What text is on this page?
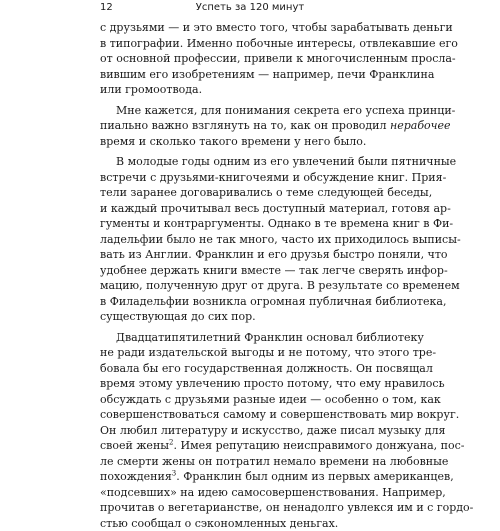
12	Успеть за 120 минут

с друзьями — и это вместо того, чтобы зарабатывать деньги
в типографии. Именно побочные интересы, отвлекавшие его
от основной профессии, привели к многочисленным просла-
вившим его изобретениям — например, печи Франклина
или громоотвода.

Мне кажется, для понимания секрета его успеха принци-
пиально важно взглянуть на то, как он проводил нерабочее
время и сколько такого времени у него было.

В молодые годы одним из его увлечений были пятничные
встречи с друзьями-книгочеями и обсуждение книг. Прия-
тели заранее договаривались о теме следующей беседы,
и каждый прочитывал весь доступный материал, готовя ар-
гументы и контраргументы. Однако в те времена книг в Фи-
ладельфии было не так много, часто их приходилось выписы-
вать из Англии. Франклин и его друзья быстро поняли, что
удобнее держать книги вместе — так легче сверять инфор-
мацию, полученную друг от друга. В результате со временем
в Филадельфии возникла огромная публичная библиотека,
существующая до сих пор.

Двадцатипятилетний Франклин основал библиотеку
не ради издательской выгоды и не потому, что этого тре-
бовала бы его государственная должность. Он посвящал
время этому увлечению просто потому, что ему нравилось
обсуждать с друзьями разные идеи — особенно о том, как
совершенствоваться самому и совершенствовать мир вокруг.
Он любил литературу и искусство, даже писал музыку для
своей жены$^2$. Имея репутацию неисправимого донжуана, пос-
ле смерти жены он потратил немало времени на любовные
похождения$^3$. Франклин был одним из первых американцев,
«подсевших» на идею самосовершенствования. Например,
прочитав о вегетарианстве, он ненадолго увлекся им и с гордо-
стью сообщал о сэкономленных деньгах.
